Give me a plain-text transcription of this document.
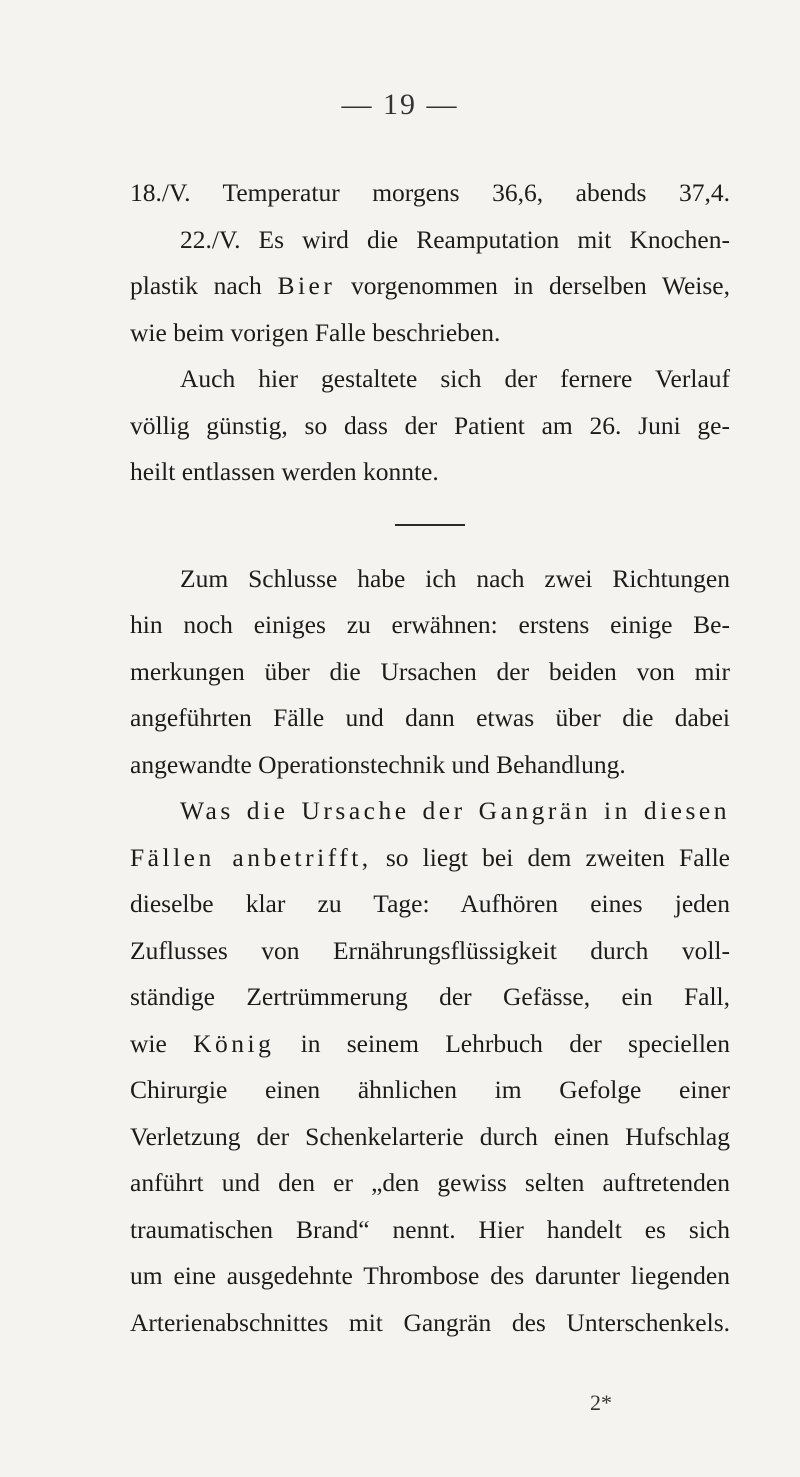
— 19 —
18./V. Temperatur morgens 36,6, abends 37,4.
22./V. Es wird die Reamputation mit Knochen-
plastik nach Bier vorgenommen in derselben Weise,
wie beim vorigen Falle beschrieben.
Auch hier gestaltete sich der fernere Verlauf
völlig günstig, so dass der Patient am 26. Juni ge-
heilt entlassen werden konnte.
Zum Schlusse habe ich nach zwei Richtungen
hin noch einiges zu erwähnen: erstens einige Be-
merkungen über die Ursachen der beiden von mir
angeführten Fälle und dann etwas über die dabei
angewandte Operationstechnik und Behandlung.
Was die Ursache der Gangrän in diesen
Fällen anbetrifft, so liegt bei dem zweiten Falle
dieselbe klar zu Tage: Aufhören eines jeden
Zuflusses von Ernährungsflüssigkeit durch voll-
ständige Zertrümmerung der Gefässe, ein Fall,
wie König in seinem Lehrbuch der speciellen
Chirurgie einen ähnlichen im Gefolge einer
Verletzung der Schenkelarterie durch einen Hufschlag
anführt und den er „den gewiss selten auftretenden
traumatischen Brand“ nennt. Hier handelt es sich
um eine ausgedehnte Thrombose des darunter liegenden
Arterienabschnittes mit Gangrän des Unterschenkels.
2*
